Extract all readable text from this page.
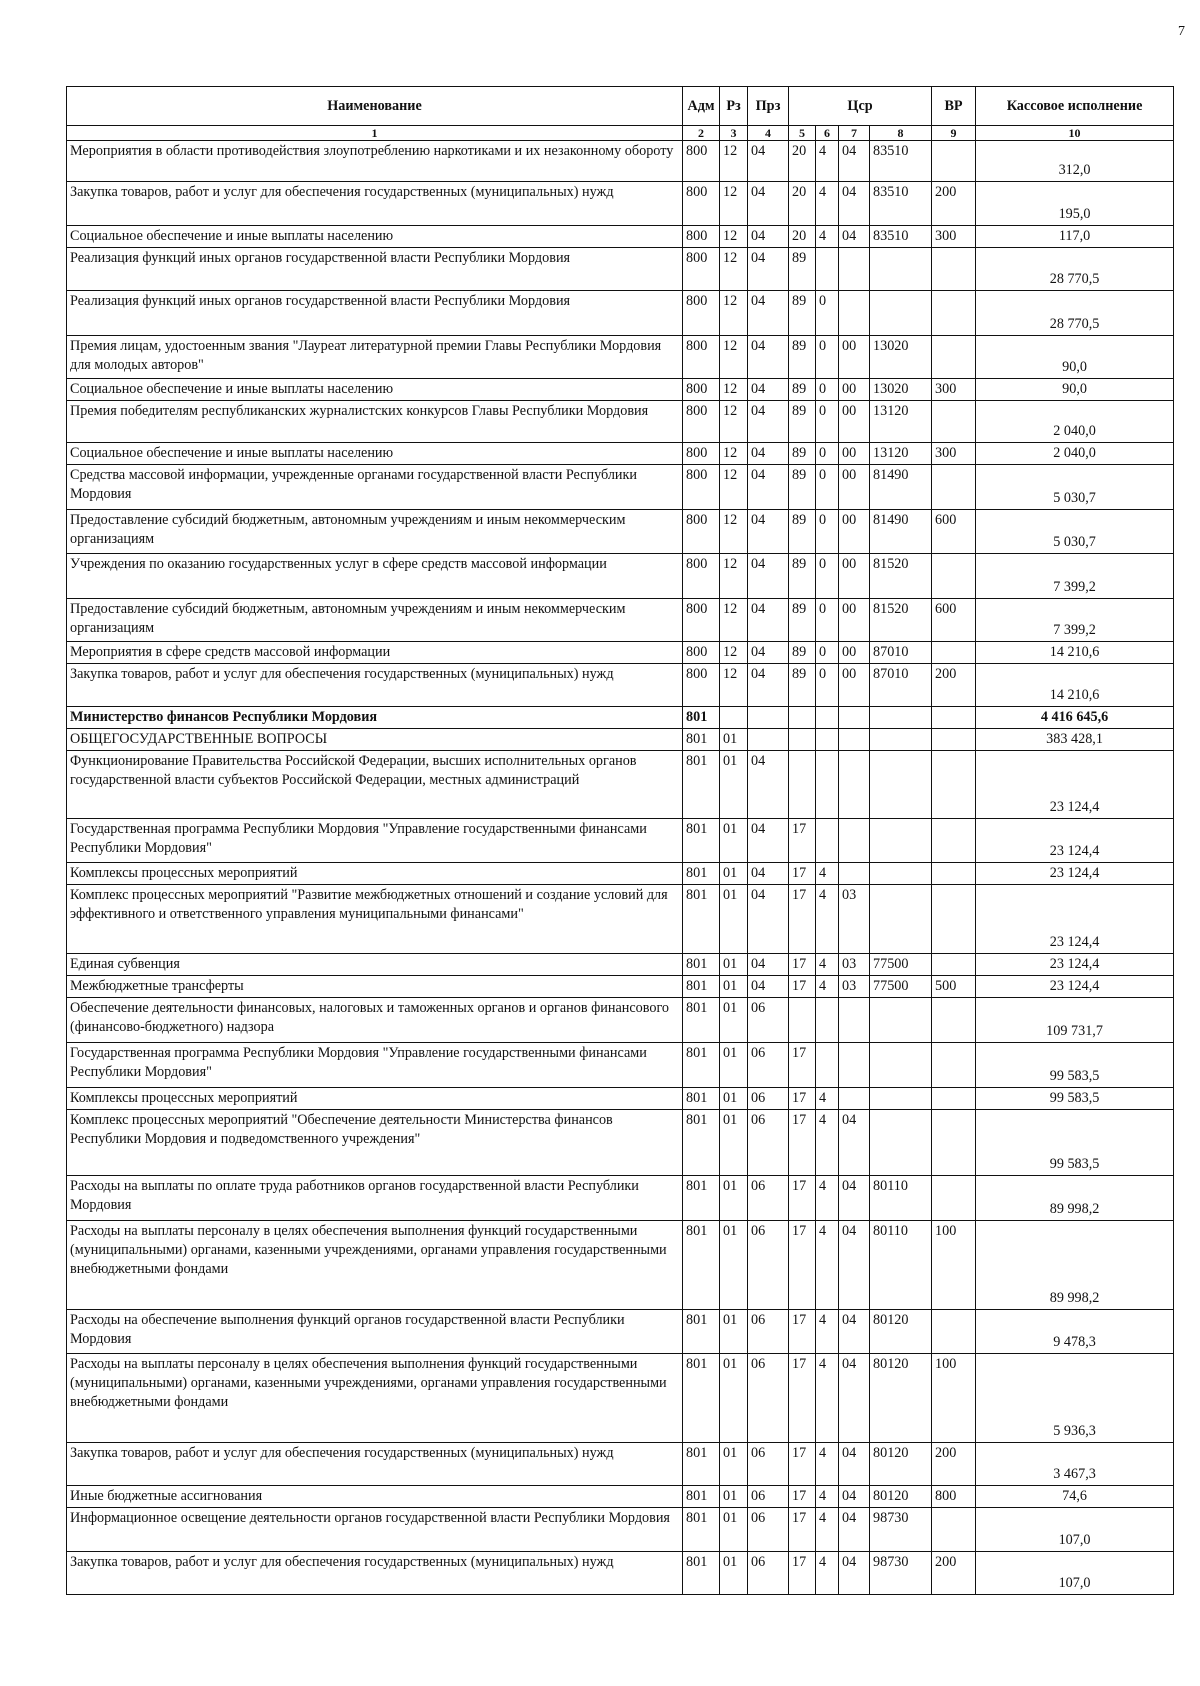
7
Наименование	Адм	Рз	Прз	Цср				ВР	Кассовое исполнение
1	2	3	4	5	6	7	8	9	10
Мероприятия в области противодействия злоупотреблению наркотиками и их незаконному обороту	800	12	04	20	4	04	83510		312,0
Закупка товаров, работ и услуг для обеспечения государственных (муниципальных) нужд	800	12	04	20	4	04	83510	200	195,0
Социальное обеспечение и иные выплаты населению	800	12	04	20	4	04	83510	300	117,0
Реализация функций иных органов государственной власти Республики Мордовия	800	12	04	89					28 770,5
Реализация функций иных органов государственной власти Республики Мордовия	800	12	04	89	0				28 770,5
Премия лицам, удостоенным звания "Лауреат литературной премии Главы Республики Мордовия для молодых авторов"	800	12	04	89	0	00	13020		90,0
Социальное обеспечение и иные выплаты населению	800	12	04	89	0	00	13020	300	90,0
Премия победителям республиканских журналистских конкурсов Главы Республики Мордовия	800	12	04	89	0	00	13120		2 040,0
Социальное обеспечение и иные выплаты населению	800	12	04	89	0	00	13120	300	2 040,0
Средства массовой информации, учрежденные органами государственной власти Республики Мордовия	800	12	04	89	0	00	81490		5 030,7
Предоставление субсидий бюджетным, автономным учреждениям и иным некоммерческим организациям	800	12	04	89	0	00	81490	600	5 030,7
Учреждения по оказанию государственных услуг в сфере средств массовой информации	800	12	04	89	0	00	81520		7 399,2
Предоставление субсидий бюджетным, автономным учреждениям и иным некоммерческим организациям	800	12	04	89	0	00	81520	600	7 399,2
Мероприятия в сфере средств массовой информации	800	12	04	89	0	00	87010		14 210,6
Закупка товаров, работ и услуг для обеспечения государственных (муниципальных) нужд	800	12	04	89	0	00	87010	200	14 210,6
Министерство финансов Республики Мордовия	801								4 416 645,6
ОБЩЕГОСУДАРСТВЕННЫЕ ВОПРОСЫ	801	01							383 428,1
Функционирование Правительства Российской Федерации, высших исполнительных органов государственной власти субъектов Российской Федерации, местных администраций	801	01	04						23 124,4
Государственная программа Республики Мордовия "Управление государственными финансами Республики Мордовия"	801	01	04	17					23 124,4
Комплексы процессных мероприятий	801	01	04	17	4				23 124,4
Комплекс процессных мероприятий "Развитие межбюджетных отношений и создание условий для эффективного и ответственного управления муниципальными финансами"	801	01	04	17	4	03			23 124,4
Единая субвенция	801	01	04	17	4	03	77500		23 124,4
Межбюджетные трансферты	801	01	04	17	4	03	77500	500	23 124,4
Обеспечение деятельности финансовых, налоговых и таможенных органов и органов финансового (финансово-бюджетного) надзора	801	01	06						109 731,7
Государственная программа Республики Мордовия "Управление государственными финансами Республики Мордовия"	801	01	06	17					99 583,5
Комплексы процессных мероприятий	801	01	06	17	4				99 583,5
Комплекс процессных мероприятий "Обеспечение деятельности Министерства финансов Республики Мордовия и подведомственного учреждения"	801	01	06	17	4	04			99 583,5
Расходы на выплаты по оплате труда работников органов государственной власти Республики Мордовия	801	01	06	17	4	04	80110		89 998,2
Расходы на выплаты персоналу в целях обеспечения выполнения функций государственными (муниципальными) органами, казенными учреждениями, органами управления государственными внебюджетными фондами	801	01	06	17	4	04	80110	100	89 998,2
Расходы на обеспечение выполнения функций органов государственной власти Республики Мордовия	801	01	06	17	4	04	80120		9 478,3
Расходы на выплаты персоналу в целях обеспечения выполнения функций государственными (муниципальными) органами, казенными учреждениями, органами управления государственными внебюджетными фондами	801	01	06	17	4	04	80120	100	5 936,3
Закупка товаров, работ и услуг для обеспечения государственных (муниципальных) нужд	801	01	06	17	4	04	80120	200	3 467,3
Иные бюджетные ассигнования	801	01	06	17	4	04	80120	800	74,6
Информационное освещение деятельности органов государственной власти Республики Мордовия	801	01	06	17	4	04	98730		107,0
Закупка товаров, работ и услуг для обеспечения государственных (муниципальных) нужд	801	01	06	17	4	04	98730	200	107,0
